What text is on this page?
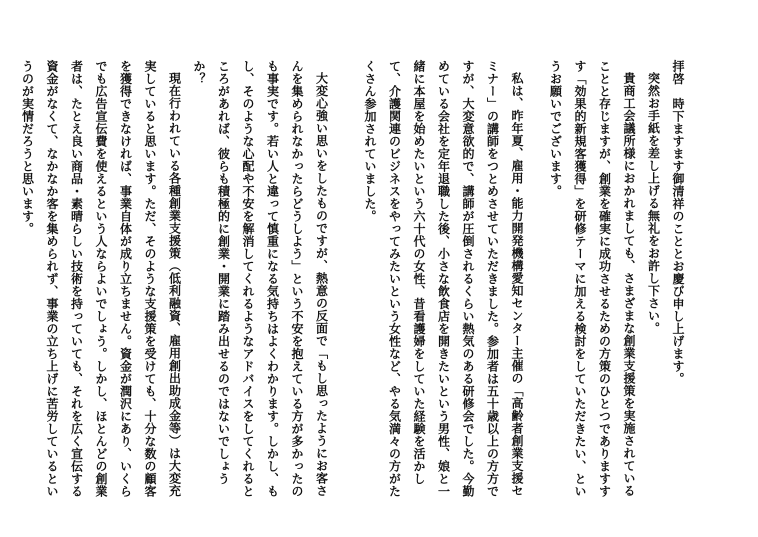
拝啓　時下ますます御清祥のこととお慶び申し上げます。

突然お手紙を差し上げる無礼をお許し下さい。

貴商工会議所様におかれましても、さまざまな創業支援策を実施されていることと存じますが、創業を確実に成功させるための方策のひとつでありますすす「効果的新規客獲得」を研修テーマに加える検討をしていただきたい、というお願いでございます。

私は、昨年夏、雇用・能力開発機構愛知センター主催の「高齢者創業支援セミナー」の講師をつとめさせていただきました。参加者は五十歳以上の方方ですが、大変意欲的で、講師が圧倒されるくらい熱気のある研修会でした。今勤めている会社を定年退職した後、小さな飲食店を開きたいという男性、娘と一緒に本屋を始めたいという六十代の女性、昔看護婦をしていた経験を活かして、介護関連のビジネスをやってみたいという女性など、やる気満々の方がたくさん参加されていました。

大変心強い思いをしたものですが、熱意の反面で「もし思ったようにお客さんを集められなかったらどうしよう」という不安を抱えている方が多かったのも事実です。若い人と違って慎重になる気持ちはよくわかります。しかし、もし、そのような心配や不安を解消してくれるようなアドバイスをしてくれるところがあれば、彼らも積極的に創業・開業に踏み出せるのではないでしょうか？

現在行われている各種創業支援策（低利融資、雇用創出助成金等）は大変充実していると思います。ただ、そのような支援策を受けても、十分な数の顧客を獲得できなければ、事業自体が成り立ちません。資金が潤沢にあり、いくらでも広告宣伝費を使えるという人ならよいでしょう。しかし、ほとんどの創業者は、たとえ良い商品・素晴らしい技術を持っていても、それを広く宣伝する資金がなくて、なかなか客を集められず、事業の立ち上げに苦労しているというのが実情だろうと思います。
